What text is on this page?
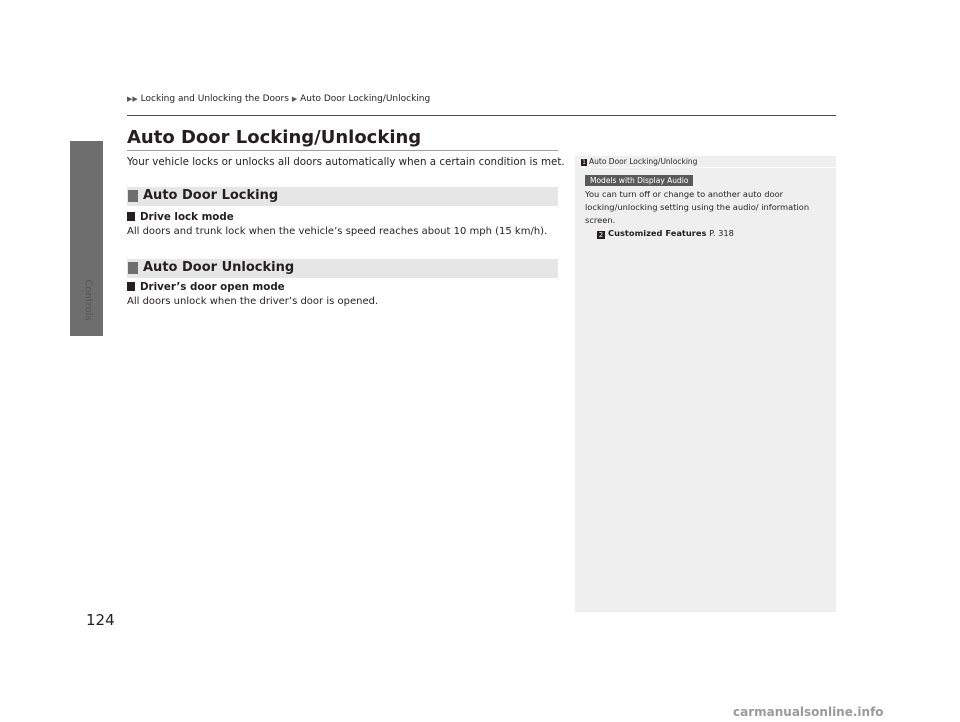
Controls
124
▶▶ Locking and Unlocking the Doors ▶ Auto Door Locking/Unlocking
Auto Door Locking/Unlocking

Your vehicle locks or unlocks all doors automatically when a certain condition is met.

Auto Door Locking
Drive lock mode

All doors and trunk lock when the vehicle’s speed reaches about 10 mph (15 km/h).

Auto Door Unlocking
Driver’s door open mode

All doors unlock when the driver’s door is opened.

1 Auto Door Locking/Unlocking
Models with Display Audio

You can turn off or change to another auto door locking/unlocking setting using the audio/ information screen.

2 Customized Features P. 318
carmanualsonline.info
